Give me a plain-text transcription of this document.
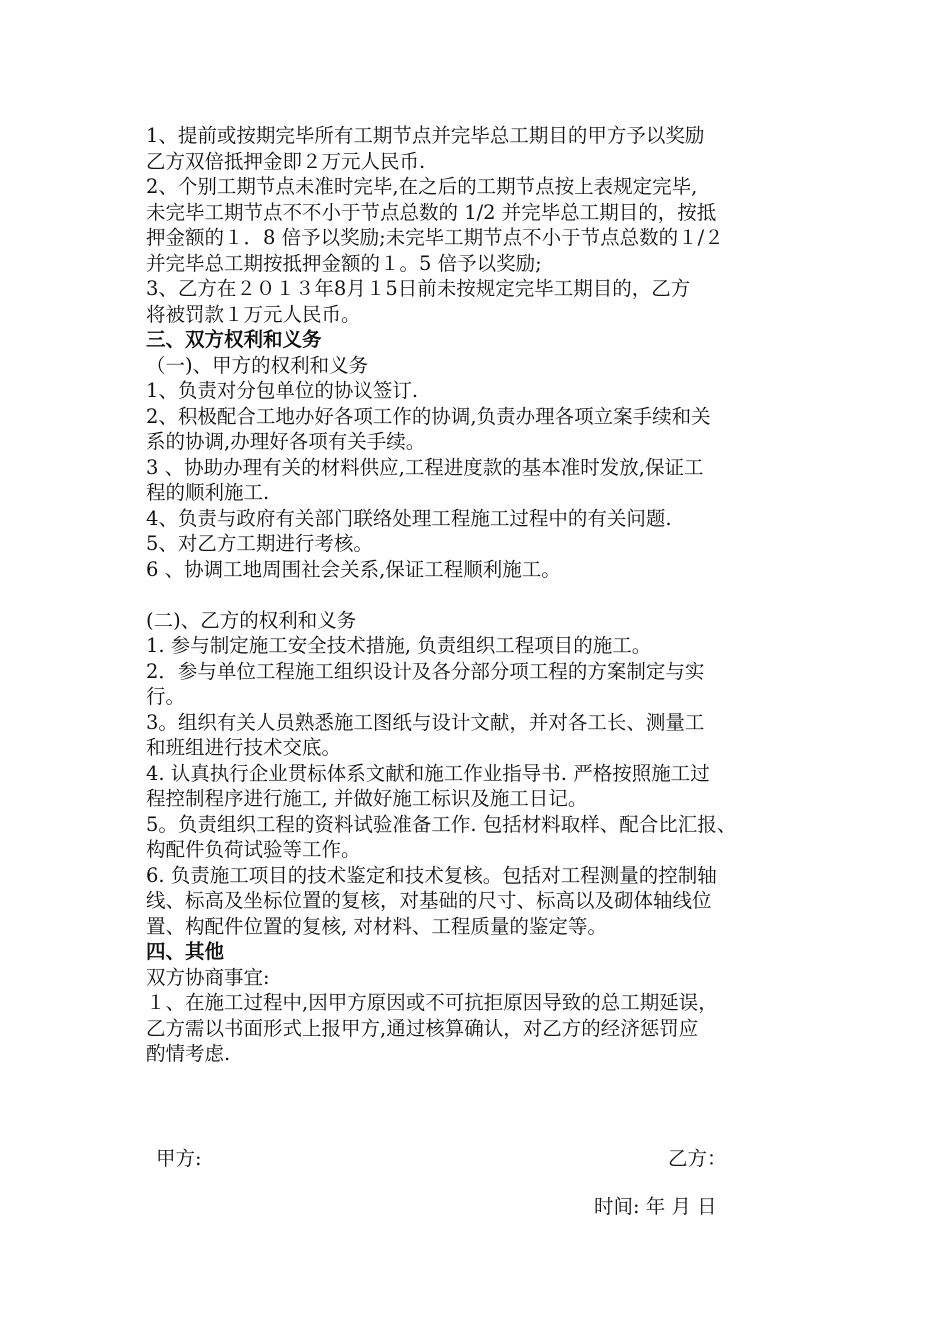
1、提前或按期完毕所有工期节点并完毕总工期目的甲方予以奖励
乙方双倍抵押金即２万元人民币.
2、个别工期节点未准时完毕,在之后的工期节点按上表规定完毕,
未完毕工期节点不不小于节点总数的 1/2 并完毕总工期目的，按抵
押金额的１．8 倍予以奖励;未完毕工期节点不小于节点总数的１/２
并完毕总工期按抵押金额的１。5 倍予以奖励;
3、乙方在２０１３年8月１5日前未按规定完毕工期目的，乙方
将被罚款１万元人民币。
三、双方权利和义务
（一)、甲方的权利和义务
1、负责对分包单位的协议签订.
2、积极配合工地办好各项工作的协调,负责办理各项立案手续和关
系的协调,办理好各项有关手续。
3 、协助办理有关的材料供应,工程进度款的基本准时发放,保证工
程的顺利施工.
4、负责与政府有关部门联络处理工程施工过程中的有关问题.
5、对乙方工期进行考核。
6 、协调工地周围社会关系,保证工程顺利施工。
(二)、乙方的权利和义务
1. 参与制定施工安全技术措施, 负责组织工程项目的施工。
2．参与单位工程施工组织设计及各分部分项工程的方案制定与实
行。
3。组织有关人员熟悉施工图纸与设计文献，并对各工长、测量工
和班组进行技术交底。
4. 认真执行企业贯标体系文献和施工作业指导书. 严格按照施工过
程控制程序进行施工, 并做好施工标识及施工日记。
5。负责组织工程的资料试验准备工作. 包括材料取样、配合比汇报、
构配件负荷试验等工作。
6. 负责施工项目的技术鉴定和技术复核。包括对工程测量的控制轴
线、标高及坐标位置的复核，对基础的尺寸、标高以及砌体轴线位
置、构配件位置的复核, 对材料、工程质量的鉴定等。
四、其他
双方协商事宜:
１、在施工过程中,因甲方原因或不可抗拒原因导致的总工期延误，
乙方需以书面形式上报甲方,通过核算确认，对乙方的经济惩罚应
酌情考虑.
甲方:	乙方：
时间: 年 月 日
